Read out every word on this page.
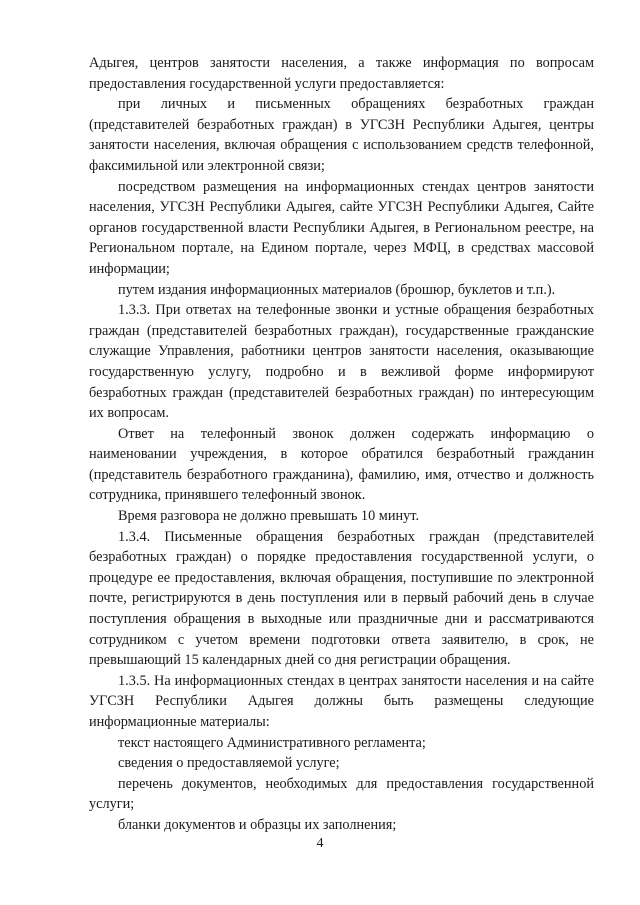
Адыгея, центров занятости населения, а также информация по вопросам предоставления государственной услуги предоставляется:

при личных и письменных обращениях безработных граждан (представителей безработных граждан) в УГСЗН Республики Адыгея, центры занятости населения, включая обращения с использованием средств телефонной, факсимильной или электронной связи;

посредством размещения на информационных стендах центров занятости населения, УГСЗН Республики Адыгея, сайте УГСЗН Республики Адыгея, Сайте органов государственной власти Республики Адыгея, в Региональном реестре, на Региональном портале, на Едином портале, через МФЦ, в средствах массовой информации;

путем издания информационных материалов (брошюр, буклетов и т.п.).

1.3.3. При ответах на телефонные звонки и устные обращения безработных граждан (представителей безработных граждан), государственные гражданские служащие Управления, работники центров занятости населения, оказывающие государственную услугу, подробно и в вежливой форме информируют безработных граждан (представителей безработных граждан) по интересующим их вопросам.

Ответ на телефонный звонок должен содержать информацию о наименовании учреждения, в которое обратился безработный гражданин (представитель безработного гражданина), фамилию, имя, отчество и должность сотрудника, принявшего телефонный звонок.

Время разговора не должно превышать 10 минут.

1.3.4. Письменные обращения безработных граждан (представителей безработных граждан) о порядке предоставления государственной услуги, о процедуре ее предоставления, включая обращения, поступившие по электронной почте, регистрируются в день поступления или в первый рабочий день в случае поступления обращения в выходные или праздничные дни и рассматриваются сотрудником с учетом времени подготовки ответа заявителю, в срок, не превышающий 15 календарных дней со дня регистрации обращения.

1.3.5. На информационных стендах в центрах занятости населения и на сайте УГСЗН Республики Адыгея должны быть размещены следующие информационные материалы:

текст настоящего Административного регламента;

сведения о предоставляемой услуге;

перечень документов, необходимых для предоставления государственной услуги;

бланки документов и образцы их заполнения;

4
